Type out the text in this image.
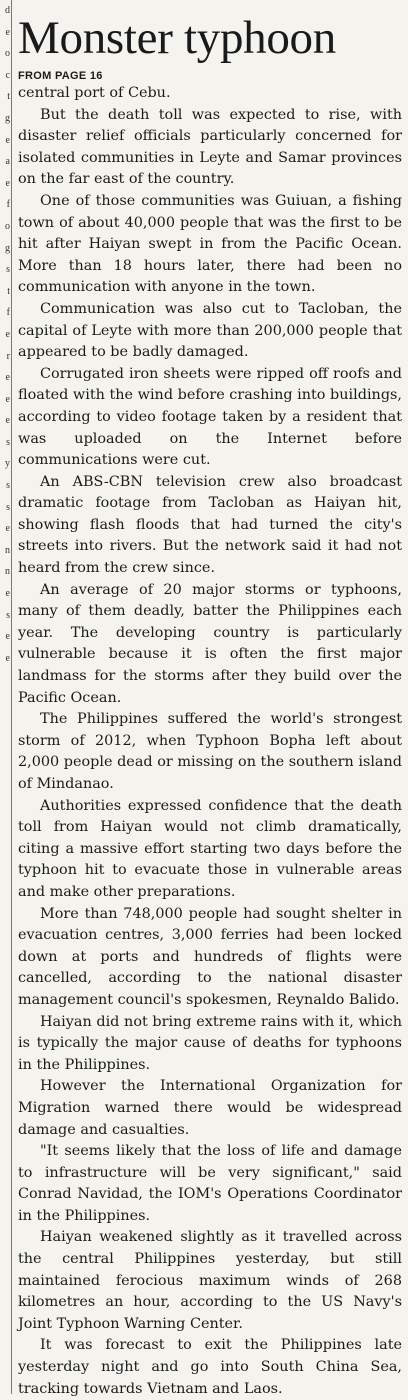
d
e
o
c
t
g
e
a
e
f
o
g
s
t
f
e
r
e
e
e
s
y
s
s
e
n
n
e
s
e
e
Monster typhoon
FROM PAGE 16

central port of Cebu.

But the death toll was expected to rise, with disaster relief officials particularly concerned for isolated communities in Leyte and Samar provinces on the far east of the country.

One of those communities was Guiuan, a fishing town of about 40,000 people that was the first to be hit after Haiyan swept in from the Pacific Ocean. More than 18 hours later, there had been no communication with anyone in the town.

Communication was also cut to Tacloban, the capital of Leyte with more than 200,000 people that appeared to be badly damaged.

Corrugated iron sheets were ripped off roofs and floated with the wind before crashing into buildings, according to video footage taken by a resident that was uploaded on the Internet before communications were cut.

An ABS-CBN television crew also broadcast dramatic footage from Tacloban as Haiyan hit, showing flash floods that had turned the city's streets into rivers. But the network said it had not heard from the crew since.

An average of 20 major storms or typhoons, many of them deadly, batter the Philippines each year. The developing country is particularly vulnerable because it is often the first major landmass for the storms after they build over the Pacific Ocean.

The Philippines suffered the world's strongest storm of 2012, when Typhoon Bopha left about 2,000 people dead or missing on the southern island of Mindanao.

Authorities expressed confidence that the death toll from Haiyan would not climb dramatically, citing a massive effort starting two days before the typhoon hit to evacuate those in vulnerable areas and make other preparations.

More than 748,000 people had sought shelter in evacuation centres, 3,000 ferries had been locked down at ports and hundreds of flights were cancelled, according to the national disaster management council's spokesmen, Reynaldo Balido.

Haiyan did not bring extreme rains with it, which is typically the major cause of deaths for typhoons in the Philippines.

However the International Organization for Migration warned there would be widespread damage and casualties.

"It seems likely that the loss of life and damage to infrastructure will be very significant," said Conrad Navidad, the IOM's Operations Coordinator in the Philippines.

Haiyan weakened slightly as it travelled across the central Philippines yesterday, but still maintained ferocious maximum winds of 268 kilometres an hour, according to the US Navy's Joint Typhoon Warning Center.

It was forecast to exit the Philippines late yesterday night and go into South China Sea, tracking towards Vietnam and Laos.
